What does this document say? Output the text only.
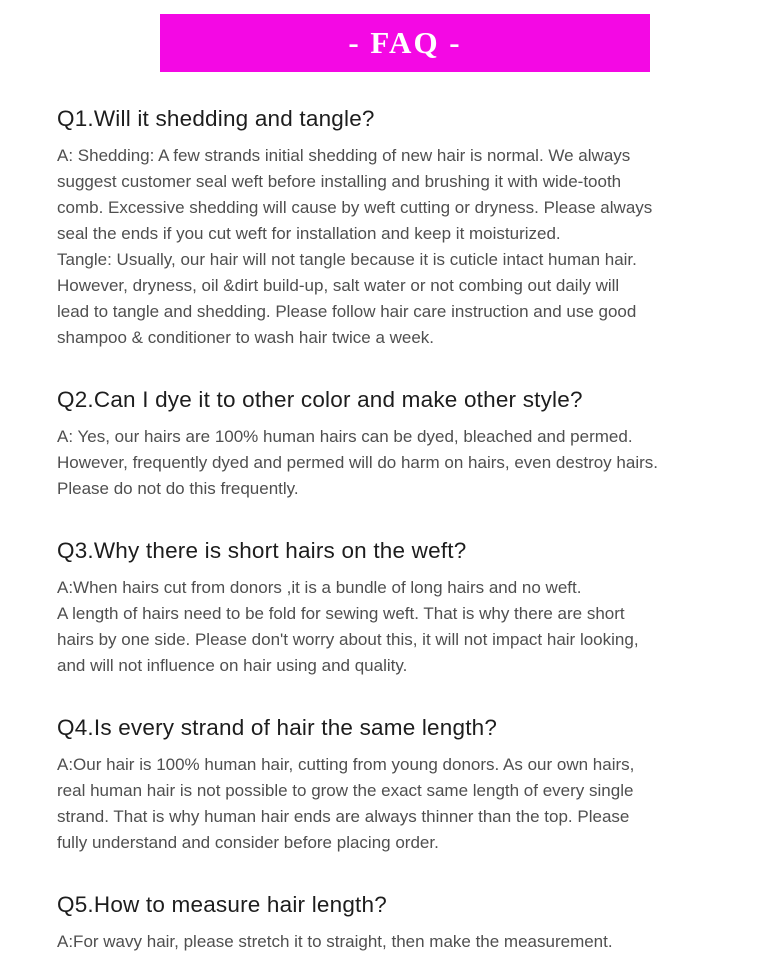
- FAQ -
Q1.Will it shedding and tangle?
A: Shedding: A few strands initial shedding of new hair is normal. We always
suggest customer seal weft before installing and brushing it with wide-tooth
comb. Excessive shedding will cause by weft cutting or dryness. Please always
seal the ends if you cut weft for installation and keep it moisturized.
Tangle: Usually, our hair will not tangle because it is cuticle intact human hair.
However, dryness, oil &dirt build-up, salt water or not combing out daily will
lead to tangle and shedding. Please follow hair care instruction and use good
shampoo & conditioner to wash hair twice a week.
Q2.Can I dye it to other color and make other style?
A: Yes, our hairs are 100% human hairs can be dyed, bleached and permed.
However, frequently dyed and permed will do harm on hairs, even destroy hairs.
Please do not do this frequently.
Q3.Why there is short hairs on the weft?
A:When hairs cut from donors ,it is a bundle of long hairs and no weft.
A length of hairs need to be fold for sewing weft. That is why there are short
hairs by one side. Please don't worry about this, it will not impact hair looking,
and will not influence on hair using and quality.
Q4.Is every strand of hair the same length?
A:Our hair is 100% human hair, cutting from young donors. As our own hairs,
real human hair is not possible to grow the exact same length of every single
strand. That is why human hair ends are always thinner than the top. Please
fully understand and consider before placing order.
Q5.How to measure hair length?
A:For wavy hair, please stretch it to straight, then make the measurement.
